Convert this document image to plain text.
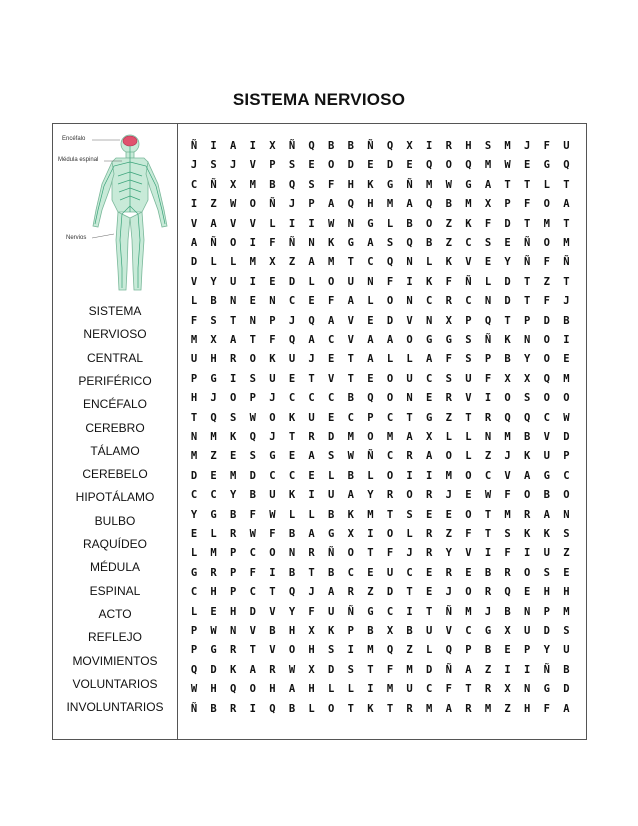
SISTEMA NERVIOSO
Encéfalo
Médula espinal
Nervios
SISTEMA
NERVIOSO
CENTRAL
PERIFÉRICO
ENCÉFALO
CEREBRO
TÁLAMO
CEREBELO
HIPOTÁLAMO
BULBO
RAQUÍDEO
MÉDULA
ESPINAL
ACTO
REFLEJO
MOVIMIENTOS
VOLUNTARIOS
INVOLUNTARIOS
Ñ	I	A	I	X	Ñ	Q	B	B	Ñ	Q	X	I	R	H	S	M	J	F	U
J	S	J	V	P	S	E	O	D	E	D	E	Q	O	Q	M	W	E	G	Q
C	Ñ	X	M	B	Q	S	F	H	K	G	Ñ	M	W	G	A	T	T	L	T
I	Z	W	O	Ñ	J	P	A	Q	H	M	A	Q	B	M	X	P	F	O	A
V	A	V	V	L	I	I	W	N	G	L	B	O	Z	K	F	D	T	M	T
A	Ñ	O	I	F	Ñ	N	K	G	A	S	Q	B	Z	C	S	E	Ñ	O	M
D	L	L	M	X	Z	A	M	T	C	Q	N	L	K	V	E	Y	Ñ	F	Ñ
V	Y	U	I	E	D	L	O	U	N	F	I	K	F	Ñ	L	D	T	Z	T
L	B	N	E	N	C	E	F	A	L	O	N	C	R	C	N	D	T	F	J
F	S	T	N	P	J	Q	A	V	E	D	V	N	X	P	Q	T	P	D	B
M	X	A	T	F	Q	A	C	V	A	A	O	G	G	S	Ñ	K	N	O	I
U	H	R	O	K	U	J	E	T	A	L	L	A	F	S	P	B	Y	O	E
P	G	I	S	U	E	T	V	T	E	O	U	C	S	U	F	X	X	Q	M
H	J	O	P	J	C	C	C	B	Q	O	N	E	R	V	I	O	S	O	O
T	Q	S	W	O	K	U	E	C	P	C	T	G	Z	T	R	Q	Q	C	W
N	M	K	Q	J	T	R	D	M	O	M	A	X	L	L	N	M	B	V	D
M	Z	E	S	G	E	A	S	W	Ñ	C	R	A	O	L	Z	J	K	U	P
D	E	M	D	C	C	E	L	B	L	O	I	I	M	O	C	V	A	G	C
C	C	Y	B	U	K	I	U	A	Y	R	O	R	J	E	W	F	O	B	O
Y	G	B	F	W	L	L	B	K	M	T	S	E	E	O	T	M	R	A	N
E	L	R	W	F	B	A	G	X	I	O	L	R	Z	F	T	S	K	K	S
L	M	P	C	O	N	R	Ñ	O	T	F	J	R	Y	V	I	F	I	U	Z
G	R	P	F	I	B	T	B	C	E	U	C	E	R	E	B	R	O	S	E
C	H	P	C	T	Q	J	A	R	Z	D	T	E	J	O	R	Q	E	H	H
L	E	H	D	V	Y	F	U	Ñ	G	C	I	T	Ñ	M	J	B	N	P	M
P	W	N	V	B	H	X	K	P	B	X	B	U	V	C	G	X	U	D	S
P	G	R	T	V	O	H	S	I	M	Q	Z	L	Q	P	B	E	P	Y	U
Q	D	K	A	R	W	X	D	S	T	F	M	D	Ñ	A	Z	I	I	Ñ	B
W	H	Q	O	H	A	H	L	L	I	M	U	C	F	T	R	X	N	G	D
Ñ	B	R	I	Q	B	L	O	T	K	T	R	M	A	R	M	Z	H	F	A
